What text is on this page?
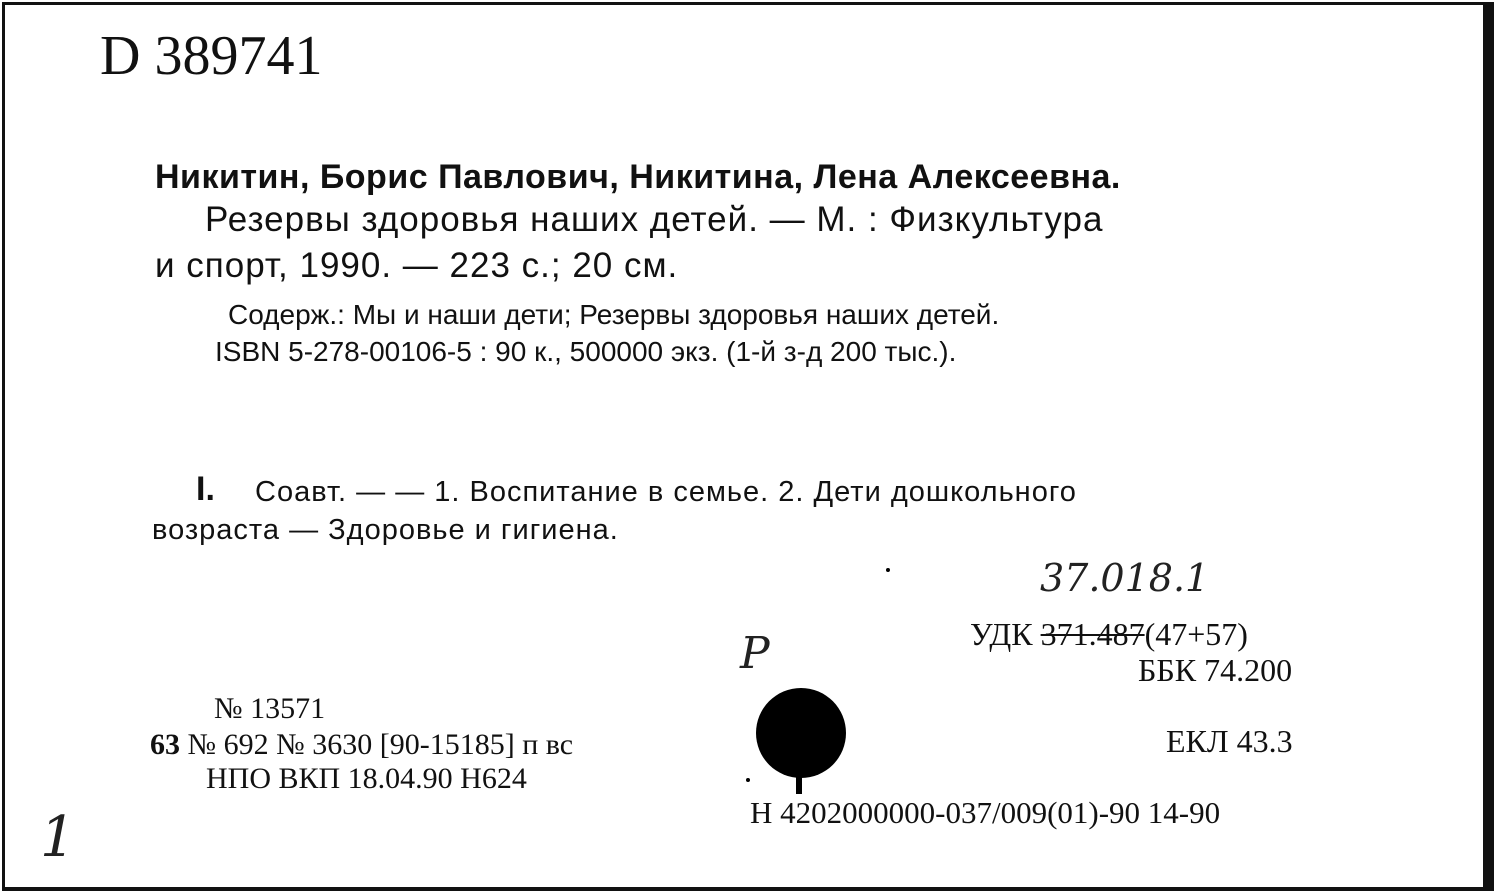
D 389741
Никитин, Борис Павлович, Никитина, Лена Алексеевна.
Резервы здоровья наших детей. — М. : Физкультура
и спорт, 1990. — 223 с.; 20 см.
Содерж.: Мы и наши дети; Резервы здоровья наших детей.
ISBN 5-278-00106-5 : 90 к., 500000 экз. (1-й з-д 200 тыс.).
I. Соавт. — — 1. Воспитание в семье. 2. Дети дошкольного
возраста — Здоровье и гигиена.
37.018.1
P
1
УДК 371.487(47+57)
ББК 74.200
ЕКЛ 43.3
№ 13571
63 № 692 № 3630 [90-15185] п вс
НПО ВКП 18.04.90 Н624
Н 4202000000-037/009(01)-90 14-90
